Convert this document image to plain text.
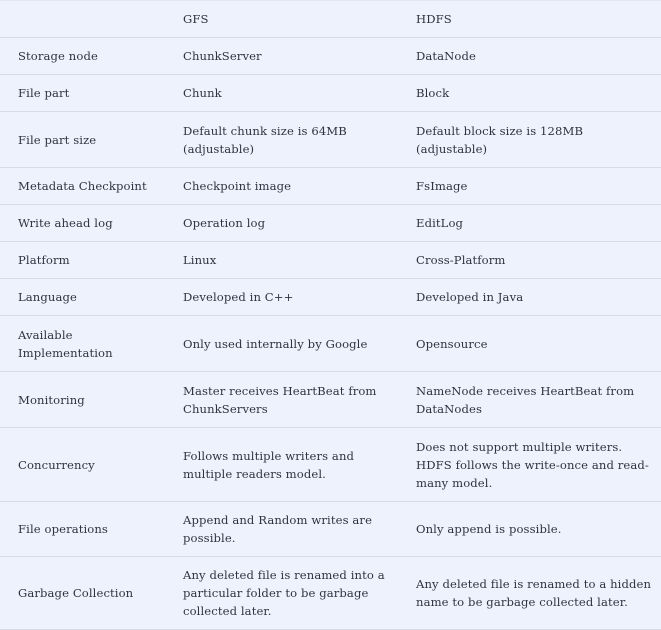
	GFS	HDFS
Storage node	ChunkServer	DataNode
File part	Chunk	Block
File part size	Default chunk size is 64MB (adjustable)	Default block size is 128MB (adjustable)
Metadata Checkpoint	Checkpoint image	FsImage
Write ahead log	Operation log	EditLog
Platform	Linux	Cross-Platform
Language	Developed in C++	Developed in Java
Available Implementation	Only used internally by Google	Opensource
Monitoring	Master receives HeartBeat from ChunkServers	NameNode receives HeartBeat from DataNodes
Concurrency	Follows multiple writers and multiple readers model.	Does not support multiple writers. HDFS follows the write-once and read-many model.
File operations	Append and Random writes are possible.	Only append is possible.
Garbage Collection	Any deleted file is renamed into a particular folder to be garbage collected later.	Any deleted file is renamed to a hidden name to be garbage collected later.
